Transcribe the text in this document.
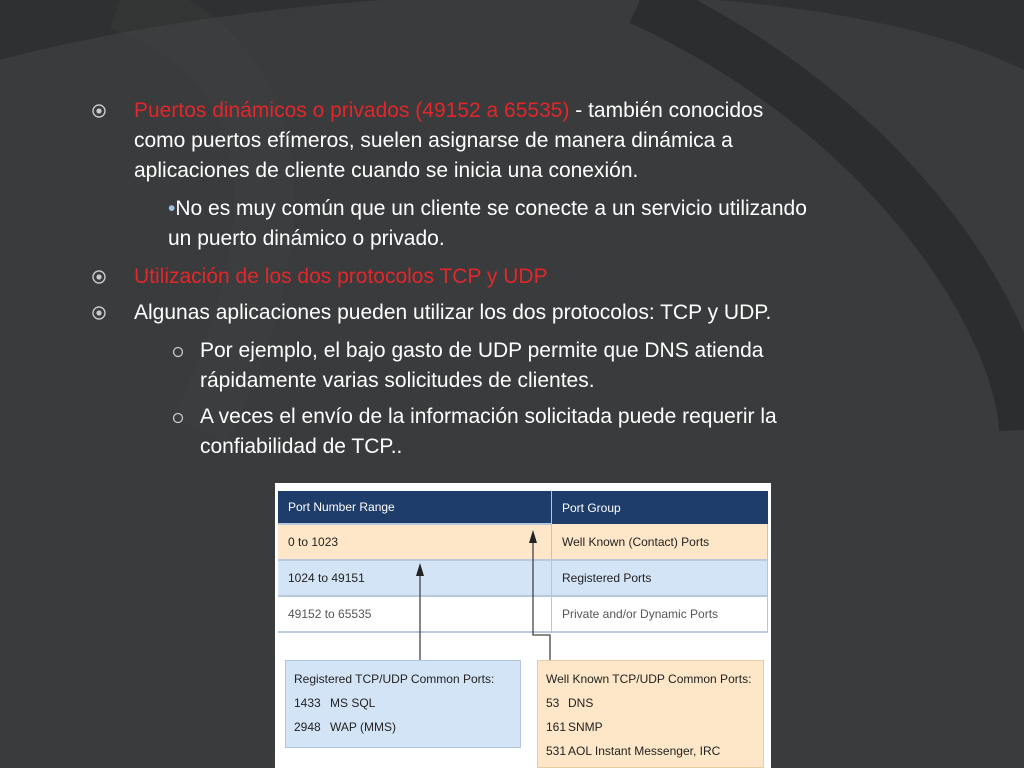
Puertos dinámicos o privados (49152 a 65535) - también conocidos
como puertos efímeros, suelen asignarse de manera dinámica a
aplicaciones de cliente cuando se inicia una conexión.
•No es muy común que un cliente se conecte a un servicio utilizando
un puerto dinámico o privado.
Utilización de los dos protocolos TCP y UDP
Algunas aplicaciones pueden utilizar los dos protocolos: TCP y UDP.
Por ejemplo, el bajo gasto de UDP permite que DNS atienda
rápidamente varias solicitudes de clientes.
A veces el envío de la información solicitada puede requerir la
confiabilidad de TCP..
Port Number Range	Port Group
0 to 1023	Well Known (Contact) Ports
1024 to 49151	Registered Ports
49152 to 65535	Private and/or Dynamic Ports
Registered TCP/UDP Common Ports:
1433 MS SQL
2948 WAP (MMS)
Well Known TCP/UDP Common Ports:
53 DNS
161 SNMP
531 AOL Instant Messenger, IRC
